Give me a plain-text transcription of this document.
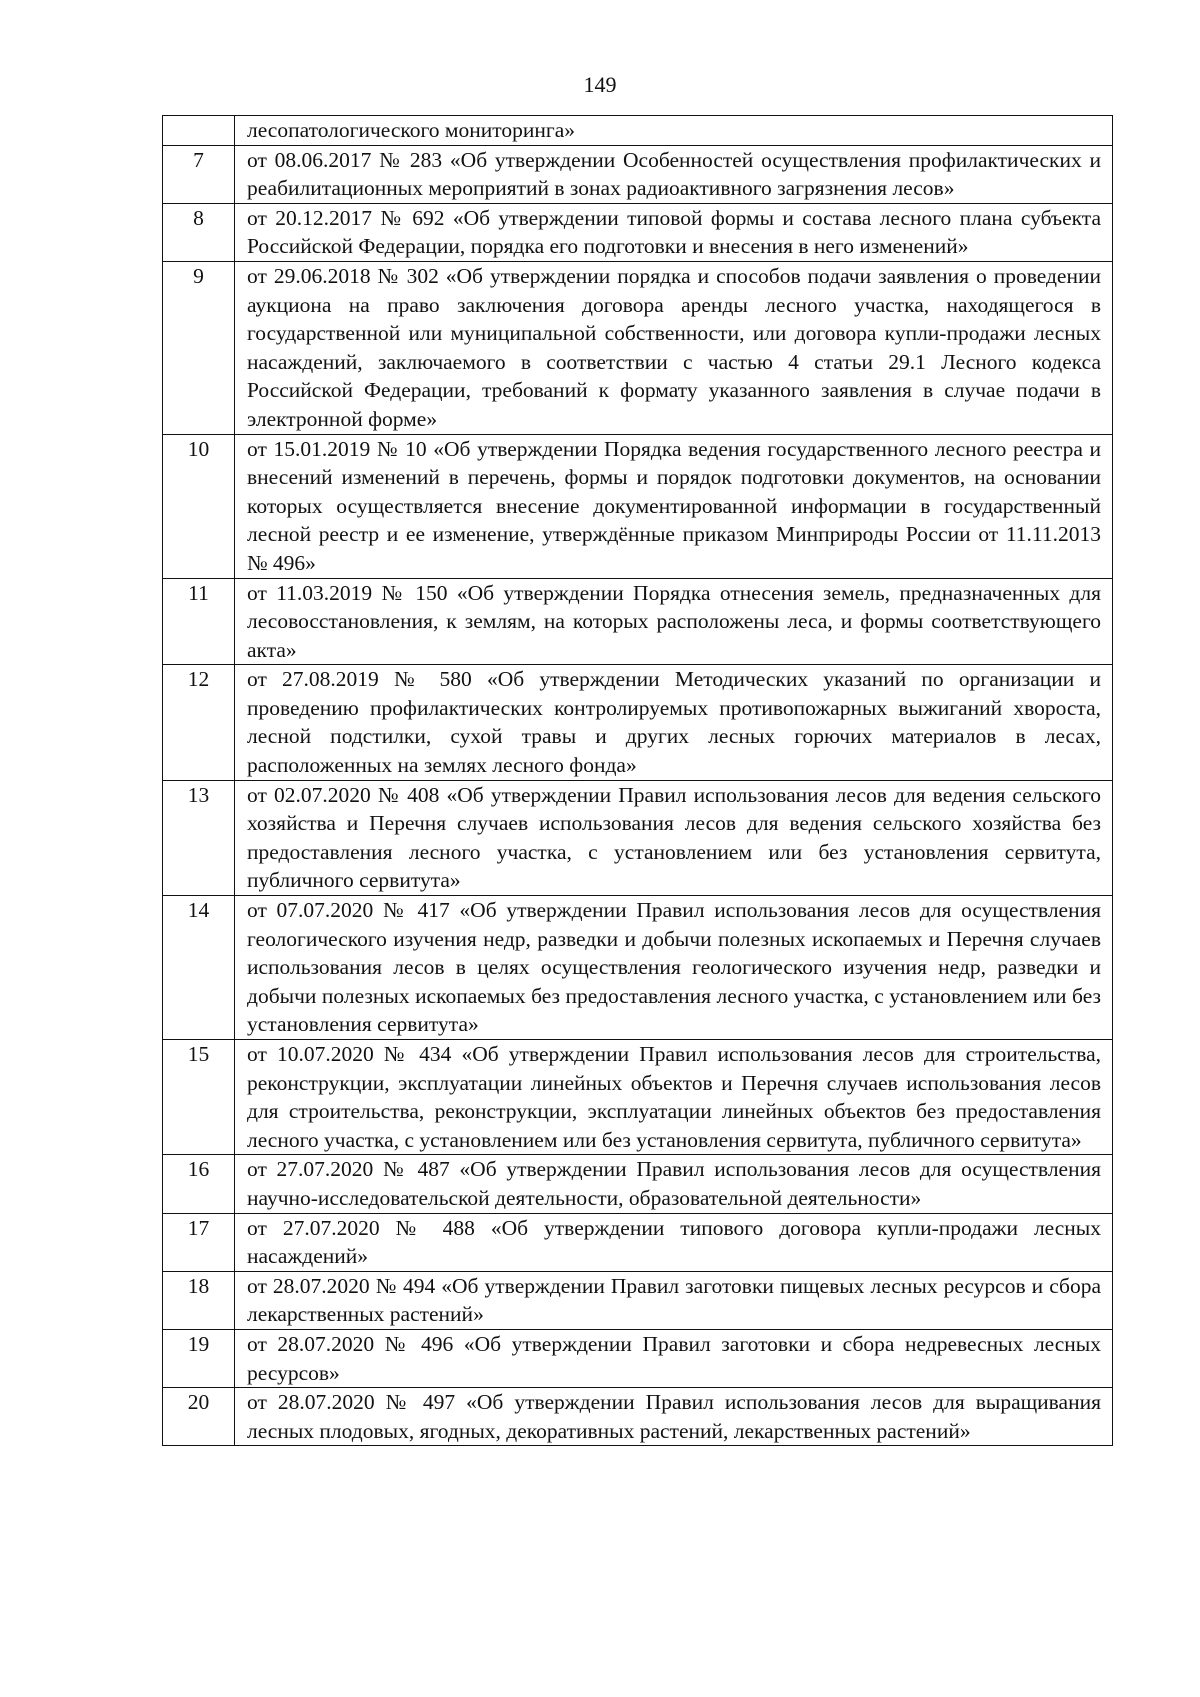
149
	лесопатологического мониторинга»
7	от 08.06.2017 № 283 «Об утверждении Особенностей осуществления профилактических и реабилитационных мероприятий в зонах радиоактивного загрязнения лесов»
8	от 20.12.2017 № 692 «Об утверждении типовой формы и состава лесного плана субъекта Российской Федерации, порядка его подготовки и внесения в него изменений»
9	от 29.06.2018 № 302 «Об утверждении порядка и способов подачи заявления о проведении аукциона на право заключения договора аренды лесного участка, находящегося в государственной или муниципальной собственности, или договора купли-продажи лесных насаждений, заключаемого в соответствии с частью 4 статьи 29.1 Лесного кодекса Российской Федерации, требований к формату указанного заявления в случае подачи в электронной форме»
10	от 15.01.2019 № 10 «Об утверждении Порядка ведения государственного лесного реестра и внесений изменений в перечень, формы и порядок подготовки документов, на основании которых осуществляется внесение документированной информации в государственный лесной реестр и ее изменение, утверждённые приказом Минприроды России от 11.11.2013 № 496»
11	от 11.03.2019 № 150 «Об утверждении Порядка отнесения земель, предназначенных для лесовосстановления, к землям, на которых расположены леса, и формы соответствующего акта»
12	от 27.08.2019 № 580 «Об утверждении Методических указаний по организации и проведению профилактических контролируемых противопожарных выжиганий хвороста, лесной подстилки, сухой травы и других лесных горючих материалов в лесах, расположенных на землях лесного фонда»
13	от 02.07.2020 № 408 «Об утверждении Правил использования лесов для ведения сельского хозяйства и Перечня случаев использования лесов для ведения сельского хозяйства без предоставления лесного участка, с установлением или без установления сервитута, публичного сервитута»
14	от 07.07.2020 № 417 «Об утверждении Правил использования лесов для осуществления геологического изучения недр, разведки и добычи полезных ископаемых и Перечня случаев использования лесов в целях осуществления геологического изучения недр, разведки и добычи полезных ископаемых без предоставления лесного участка, с установлением или без установления сервитута»
15	от 10.07.2020 № 434 «Об утверждении Правил использования лесов для строительства, реконструкции, эксплуатации линейных объектов и Перечня случаев использования лесов для строительства, реконструкции, эксплуатации линейных объектов без предоставления лесного участка, с установлением или без установления сервитута, публичного сервитута»
16	от 27.07.2020 № 487 «Об утверждении Правил использования лесов для осуществления научно-исследовательской деятельности, образовательной деятельности»
17	от 27.07.2020 № 488 «Об утверждении типового договора купли-продажи лесных насаждений»
18	от 28.07.2020 № 494 «Об утверждении Правил заготовки пищевых лесных ресурсов и сбора лекарственных растений»
19	от 28.07.2020 № 496 «Об утверждении Правил заготовки и сбора недревесных лесных ресурсов»
20	от 28.07.2020 № 497 «Об утверждении Правил использования лесов для выращивания лесных плодовых, ягодных, декоративных растений, лекарственных растений»
